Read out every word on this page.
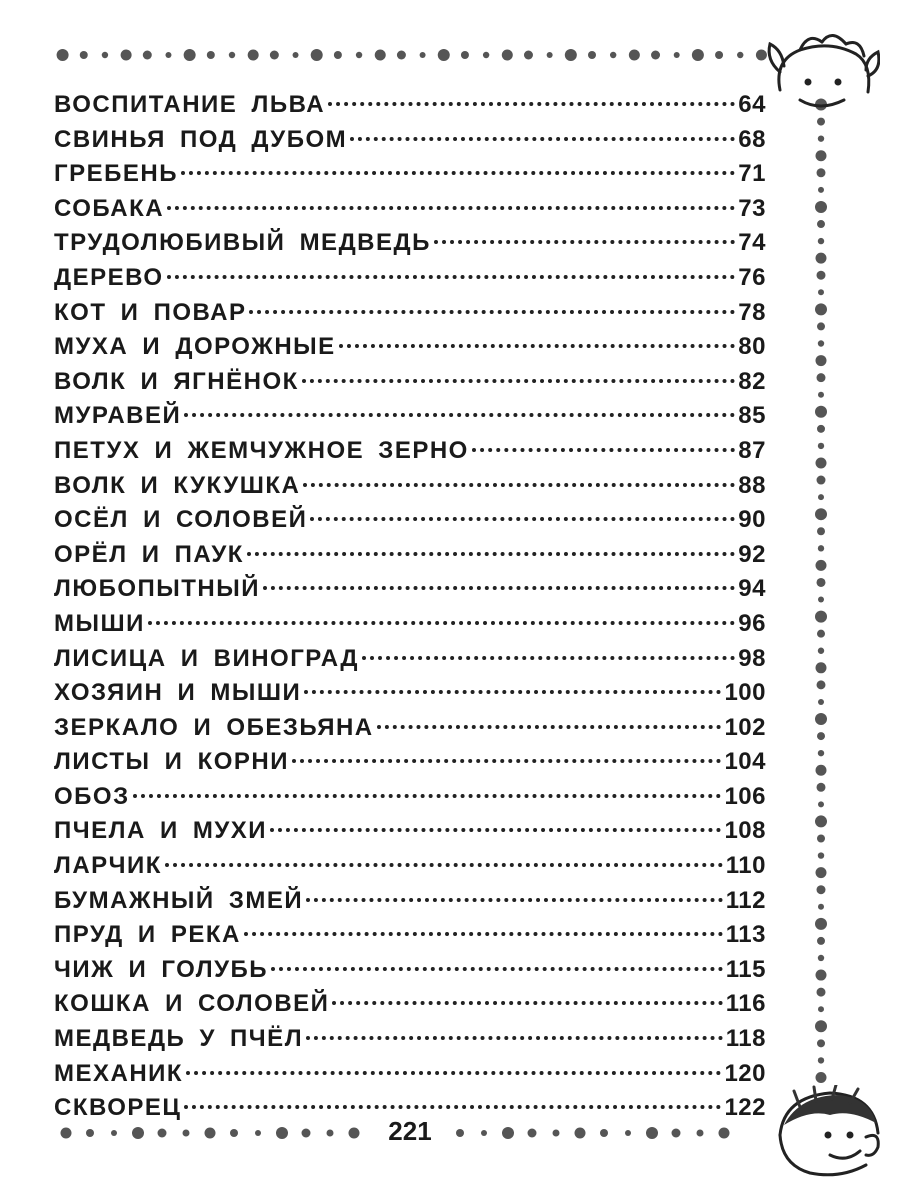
ВОСПИТАНИЕ ЛЬВА	64
СВИНЬЯ ПОД ДУБОМ	68
ГРЕБЕНЬ	71
СОБАКА	73
ТРУДОЛЮБИВЫЙ МЕДВЕДЬ	74
ДЕРЕВО	76
КОТ И ПОВАР	78
МУХА И ДОРОЖНЫЕ	80
ВОЛК И ЯГНЁНОК	82
МУРАВЕЙ	85
ПЕТУХ И ЖЕМЧУЖНОЕ ЗЕРНО	87
ВОЛК И КУКУШКА	88
ОСЁЛ И СОЛОВЕЙ	90
ОРЁЛ И ПАУК	92
ЛЮБОПЫТНЫЙ	94
МЫШИ	96
ЛИСИЦА И ВИНОГРАД	98
ХОЗЯИН И МЫШИ	100
ЗЕРКАЛО И ОБЕЗЬЯНА	102
ЛИСТЫ И КОРНИ	104
ОБОЗ	106
ПЧЕЛА И МУХИ	108
ЛАРЧИК	110
БУМАЖНЫЙ ЗМЕЙ	112
ПРУД И РЕКА	113
ЧИЖ И ГОЛУБЬ	115
КОШКА И СОЛОВЕЙ	116
МЕДВЕДЬ У ПЧЁЛ	118
МЕХАНИК	120
СКВОРЕЦ	122
221
